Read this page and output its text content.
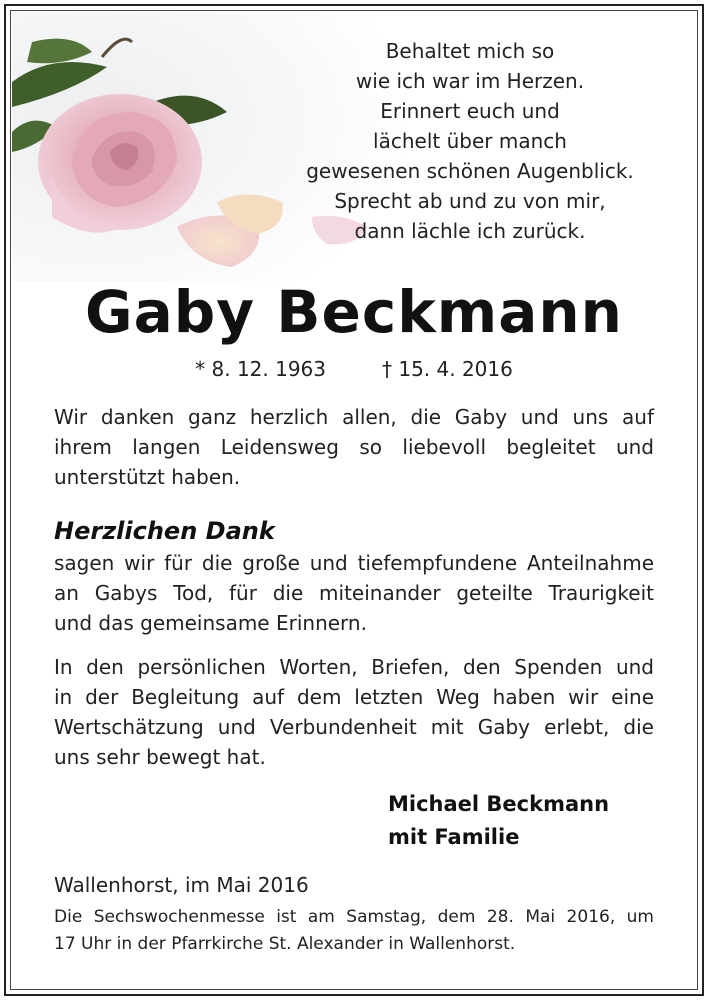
Behaltet mich so
wie ich war im Herzen.
Erinnert euch und
lächelt über manch
gewesenen schönen Augenblick.
Sprecht ab und zu von mir,
dann lächle ich zurück.
Gaby Beckmann
* 8. 12. 1963	† 15. 4. 2016
Wir danken ganz herzlich allen, die Gaby und uns auf
ihrem langen Leidensweg so liebevoll begleitet und
unterstützt haben.
Herzlichen Dank
sagen wir für die große und tiefempfundene Anteilnahme
an Gabys Tod, für die miteinander geteilte Traurigkeit
und das gemeinsame Erinnern.
In den persönlichen Worten, Briefen, den Spenden und
in der Begleitung auf dem letzten Weg haben wir eine
Wertschätzung und Verbundenheit mit Gaby erlebt, die
uns sehr bewegt hat.
Michael Beckmann
mit Familie
Wallenhorst, im Mai 2016
Die Sechswochenmesse ist am Samstag, dem 28. Mai 2016, um
17 Uhr in der Pfarrkirche St. Alexander in Wallenhorst.
